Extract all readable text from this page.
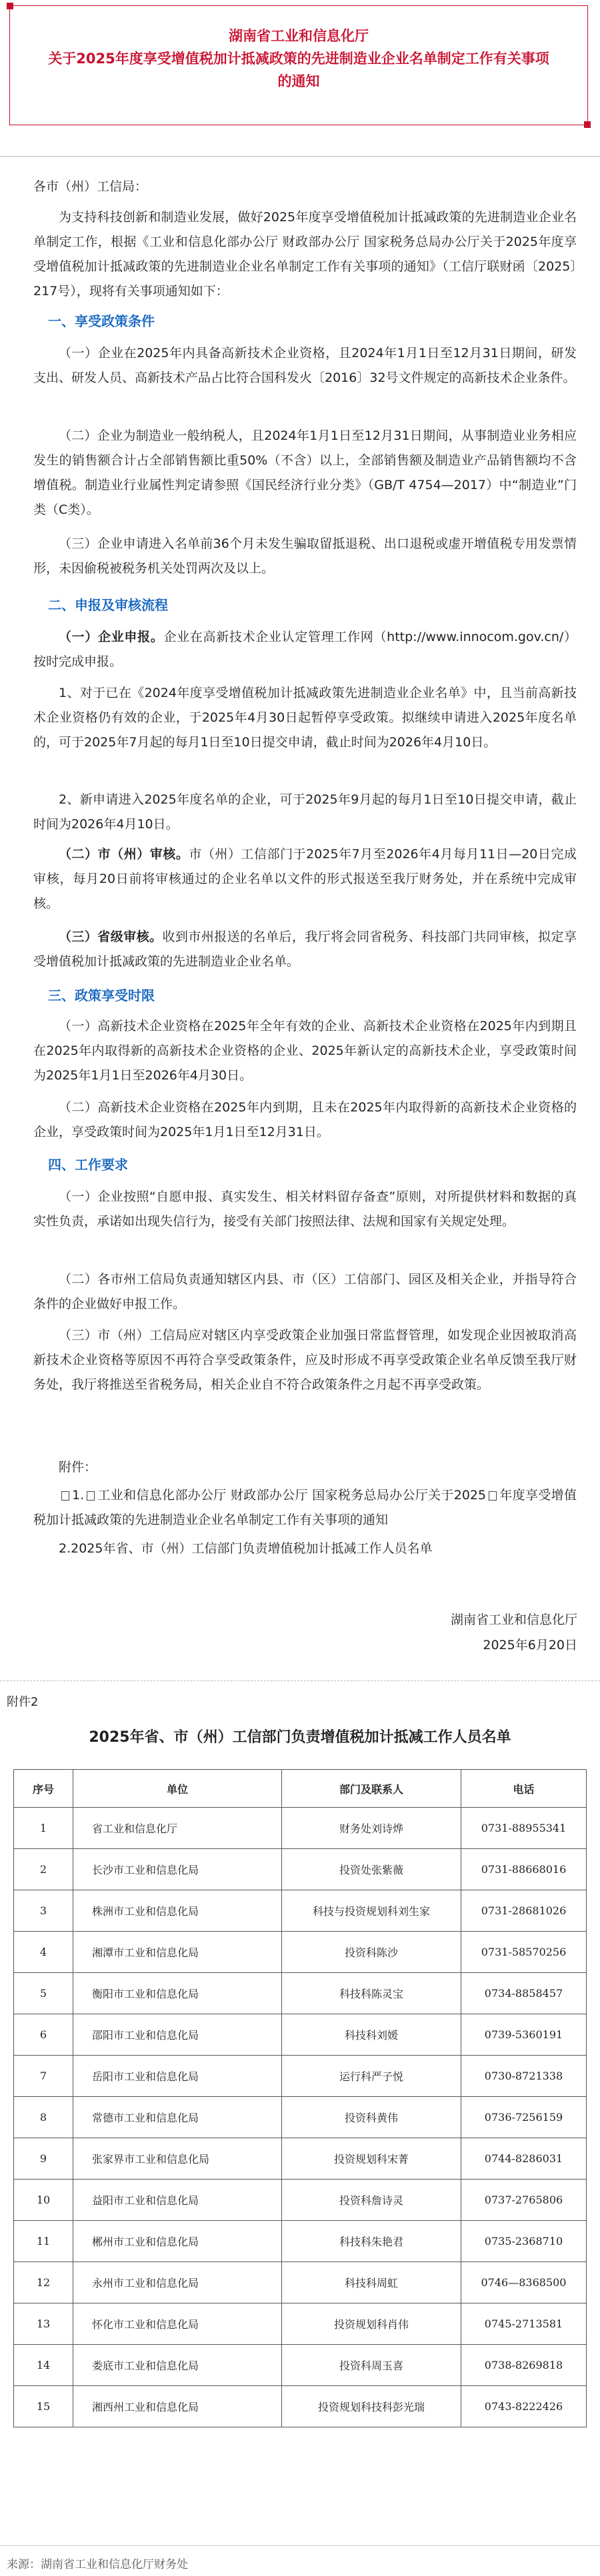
湖南省工业和信息化厅
关于2025年度享受增值税加计抵减政策的先进制造业企业名单制定工作有关事项
的通知

各市（州）工信局：

为支持科技创新和制造业发展，做好2025年度享受增值税加计抵减政策的先进制造业企业名单制定工作，根据《工业和信息化部办公厅 财政部办公厅 国家税务总局办公厅关于2025年度享受增值税加计抵减政策的先进制造业企业名单制定工作有关事项的通知》（工信厅联财函〔2025〕217号），现将有关事项通知如下：

一、享受政策条件

（一）企业在2025年内具备高新技术企业资格，且2024年1月1日至12月31日期间，研发支出、研发人员、高新技术产品占比符合国科发火〔2016〕32号文件规定的高新技术企业条件。

（二）企业为制造业一般纳税人，且2024年1月1日至12月31日期间，从事制造业业务相应发生的销售额合计占全部销售额比重50%（不含）以上，全部销售额及制造业产品销售额均不含增值税。制造业行业属性判定请参照《国民经济行业分类》（GB/T 4754—2017）中“制造业”门类（C类）。

（三）企业申请进入名单前36个月未发生骗取留抵退税、出口退税或虚开增值税专用发票情形，未因偷税被税务机关处罚两次及以上。

二、申报及审核流程

（一）企业申报。企业在高新技术企业认定管理工作网（http://www.innocom.gov.cn/）按时完成申报。

1、对于已在《2024年度享受增值税加计抵减政策先进制造业企业名单》中，且当前高新技术企业资格仍有效的企业，于2025年4月30日起暂停享受政策。拟继续申请进入2025年度名单的，可于2025年7月起的每月1日至10日提交申请，截止时间为2026年4月10日。

2、新申请进入2025年度名单的企业，可于2025年9月起的每月1日至10日提交申请，截止时间为2026年4月10日。

（二）市（州）审核。市（州）工信部门于2025年7月至2026年4月每月11日—20日完成审核，每月20日前将审核通过的企业名单以文件的形式报送至我厅财务处，并在系统中完成审核。

（三）省级审核。收到市州报送的名单后，我厅将会同省税务、科技部门共同审核，拟定享受增值税加计抵减政策的先进制造业企业名单。

三、政策享受时限

（一）高新技术企业资格在2025年全年有效的企业、高新技术企业资格在2025年内到期且在2025年内取得新的高新技术企业资格的企业、2025年新认定的高新技术企业，享受政策时间为2025年1月1日至2026年4月30日。

（二）高新技术企业资格在2025年内到期，且未在2025年内取得新的高新技术企业资格的企业，享受政策时间为2025年1月1日至12月31日。

四、工作要求

（一）企业按照“自愿申报、真实发生、相关材料留存备查”原则，对所提供材料和数据的真实性负责，承诺如出现失信行为，接受有关部门按照法律、法规和国家有关规定处理。

（二）各市州工信局负责通知辖区内县、市（区）工信部门、园区及相关企业，并指导符合条件的企业做好申报工作。

（三）市（州）工信局应对辖区内享受政策企业加强日常监督管理，如发现企业因被取消高新技术企业资格等原因不再符合享受政策条件，应及时形成不再享受政策企业名单反馈至我厅财务处，我厅将推送至省税务局，相关企业自不符合政策条件之月起不再享受政策。

附件：

1. 工业和信息化部办公厅 财政部办公厅 国家税务总局办公厅关于2025 年度享受增值税加计抵减政策的先进制造业企业名单制定工作有关事项的通知

2.2025年省、市（州）工信部门负责增值税加计抵减工作人员名单

湖南省工业和信息化厅
2025年6月20日
附件2
2025年省、市（州）工信部门负责增值税加计抵减工作人员名单
序号	单位	部门及联系人	电话
1	省工业和信息化厅	财务处刘诗烨	0731-88955341
2	长沙市工业和信息化局	投资处张紫薇	0731-88668016
3	株洲市工业和信息化局	科技与投资规划科刘生家	0731-28681026
4	湘潭市工业和信息化局	投资科陈沙	0731-58570256
5	衡阳市工业和信息化局	科技科陈灵宝	0734-8858457
6	邵阳市工业和信息化局	科技科刘媛	0739-5360191
7	岳阳市工业和信息化局	运行科严子悦	0730-8721338
8	常德市工业和信息化局	投资科黄伟	0736-7256159
9	张家界市工业和信息化局	投资规划科宋菁	0744-8286031
10	益阳市工业和信息化局	投资科詹诗灵	0737-2765806
11	郴州市工业和信息化局	科技科朱艳君	0735-2368710
12	永州市工业和信息化局	科技科周虹	0746—8368500
13	怀化市工业和信息化局	投资规划科肖伟	0745-2713581
14	娄底市工业和信息化局	投资科周玉喜	0738-8269818
15	湘西州工业和信息化局	投资规划科技科彭光瑞	0743-8222426
来源：湖南省工业和信息化厅财务处
